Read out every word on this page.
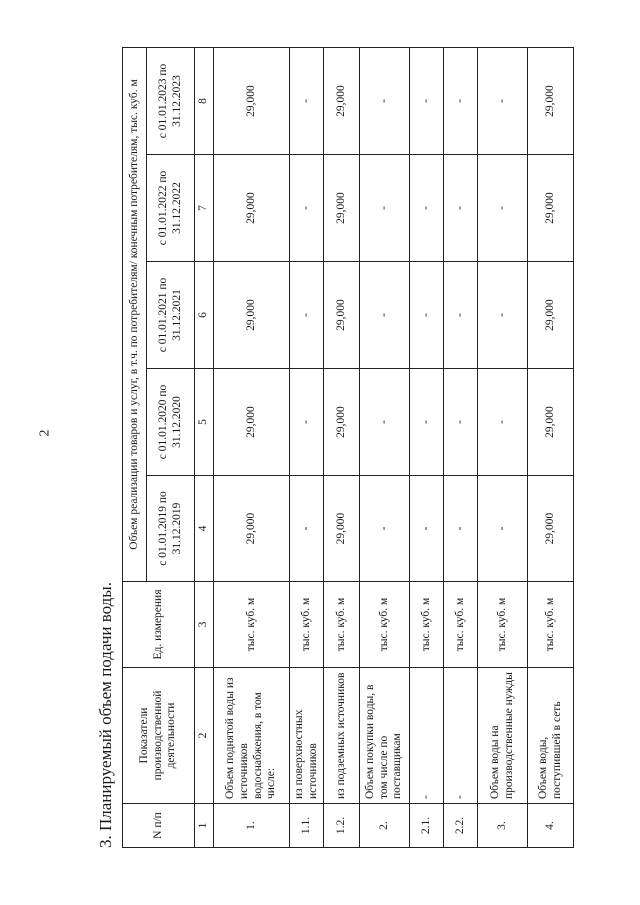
2
3. Планируемый объем подачи воды.	N п/п	Показатели производственной деятельности	Ед. измерения	Объем реализации товаров и услуг, в т.ч. по потребителям/ конечным потребителям, тыс. куб. м				
			с 01.01.2019 по 31.12.2019	с 01.01.2020 по 31.12.2020	с 01.01.2021 по 31.12.2021	с 01.01.2022 по 31.12.2022	с 01.01.2023 по 31.12.2023
1	2	3	4	5	6	7	8
1.	Объем поднятой воды из источников водоснабжения, в том числе:	тыс. куб. м	29,000	29,000	29,000	29,000	29,000
1.1.	из поверхностных источников	тыс. куб. м	-	-	-	-	-
1.2.	из подземных источников	тыс. куб. м	29,000	29,000	29,000	29,000	29,000
2.	Объем покупки воды, в том числе по поставщикам	тыс. куб. м	-	-	-	-	-
2.1.	-	тыс. куб. м	-	-	-	-	-
2.2.	-	тыс. куб. м	-	-	-	-	-
3.	Объем воды на производственные нужды	тыс. куб. м	-	-	-	-	-
4.	Объем воды, поступившей в сеть	тыс. куб. м	29,000	29,000	29,000	29,000	29,000
